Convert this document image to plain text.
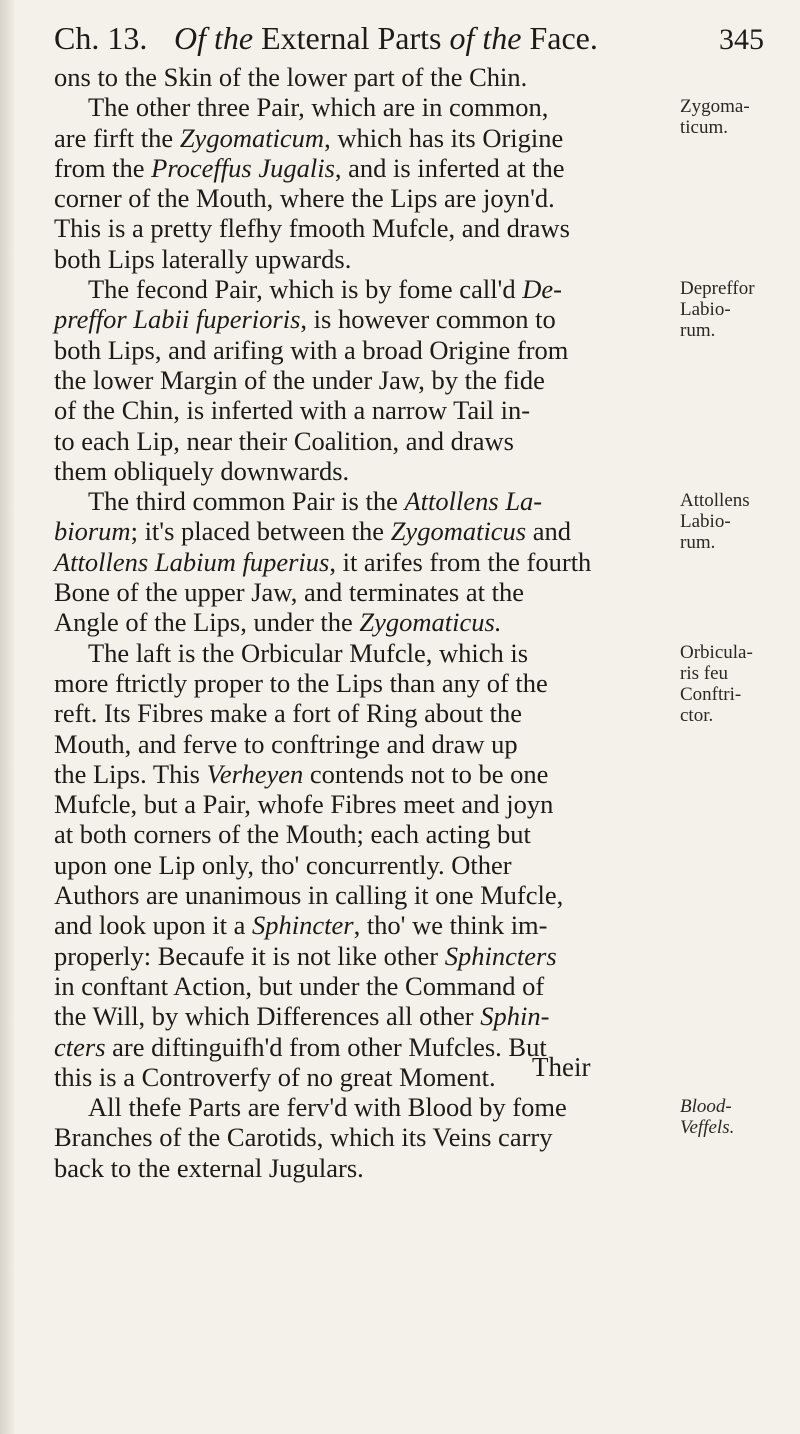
Ch. 13. Of the External Parts of the Face.	345
ons to the Skin of the lower part of the Chin.
The other three Pair, which are in common,
are firft the Zygomaticum, which has its Origine
from the Proceffus Jugalis, and is inferted at the
corner of the Mouth, where the Lips are joyn'd.
This is a pretty flefhy fmooth Mufcle, and draws
both Lips laterally upwards.
The fecond Pair, which is by fome call'd De-
preffor Labii fuperioris, is however common to
both Lips, and arifing with a broad Origine from
the lower Margin of the under Jaw, by the fide
of the Chin, is inferted with a narrow Tail in-
to each Lip, near their Coalition, and draws
them obliquely downwards.
The third common Pair is the Attollens La-
biorum; it's placed between the Zygomaticus and
Attollens Labium fuperius, it arifes from the fourth
Bone of the upper Jaw, and terminates at the
Angle of the Lips, under the Zygomaticus.
The laft is the Orbicular Mufcle, which is
more ftrictly proper to the Lips than any of the
reft. Its Fibres make a fort of Ring about the
Mouth, and ferve to conftringe and draw up
the Lips. This Verheyen contends not to be one
Mufcle, but a Pair, whofe Fibres meet and joyn
at both corners of the Mouth; each acting but
upon one Lip only, tho' concurrently. Other
Authors are unanimous in calling it one Mufcle,
and look upon it a Sphincter, tho' we think im-
properly: Becaufe it is not like other Sphincters
in conftant Action, but under the Command of
the Will, by which Differences all other Sphin-
cters are diftinguifh'd from other Mufcles. But
this is a Controverfy of no great Moment.
All thefe Parts are ferv'd with Blood by fome
Branches of the Carotids, which its Veins carry
back to the external Jugulars.
Zygoma-
ticum.
Depreffor
Labio-
rum.
Attollens
Labio-
rum.
Orbicula-
ris feu
Conftri-
ctor.
Blood-
Veffels.
Their
